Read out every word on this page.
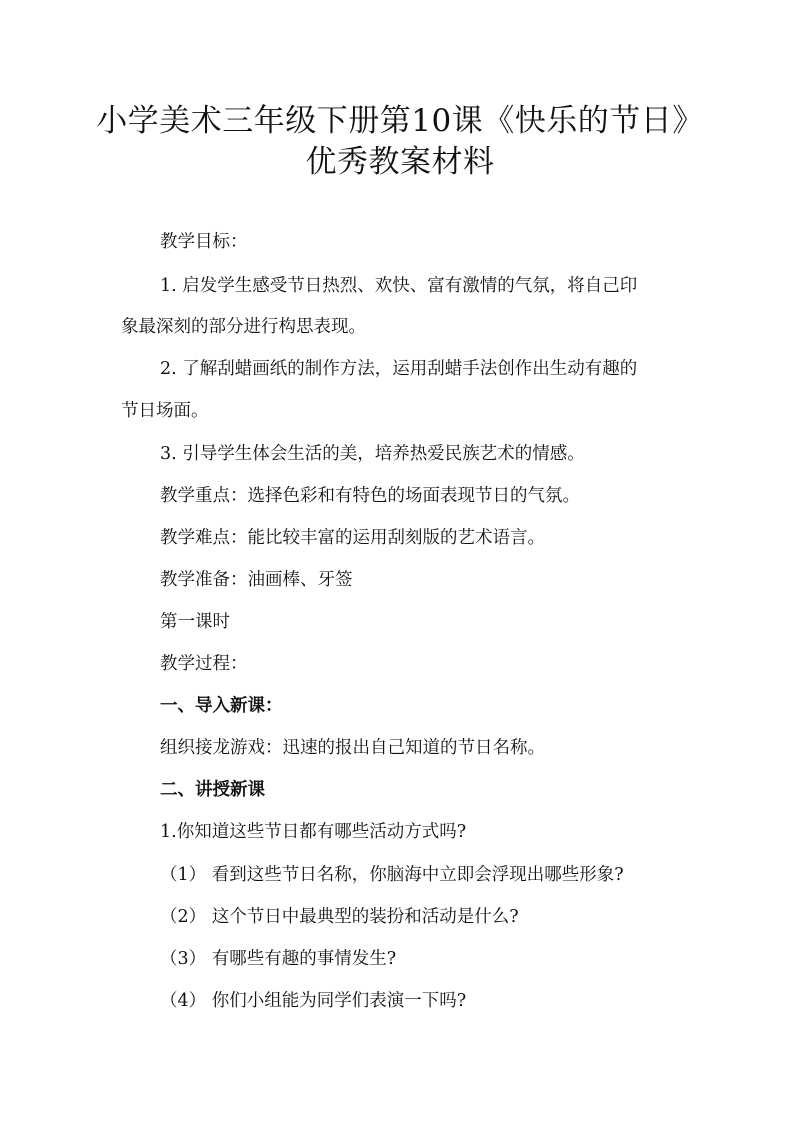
小学美术三年级下册第10课《快乐的节日》
优秀教案材料
教学目标：
1. 启发学生感受节日热烈、欢快、富有激情的气氛，将自己印
象最深刻的部分进行构思表现。
2. 了解刮蜡画纸的制作方法，运用刮蜡手法创作出生动有趣的
节日场面。
3. 引导学生体会生活的美，培养热爱民族艺术的情感。
教学重点：选择色彩和有特色的场面表现节日的气氛。
教学难点：能比较丰富的运用刮刻版的艺术语言。
教学准备：油画棒、牙签
第一课时
教学过程：
一、导入新课：
组织接龙游戏：迅速的报出自己知道的节日名称。
二、讲授新课
1.你知道这些节日都有哪些活动方式吗?
（1） 看到这些节日名称，你脑海中立即会浮现出哪些形象?
（2） 这个节日中最典型的装扮和活动是什么?
（3） 有哪些有趣的事情发生?
（4） 你们小组能为同学们表演一下吗?
